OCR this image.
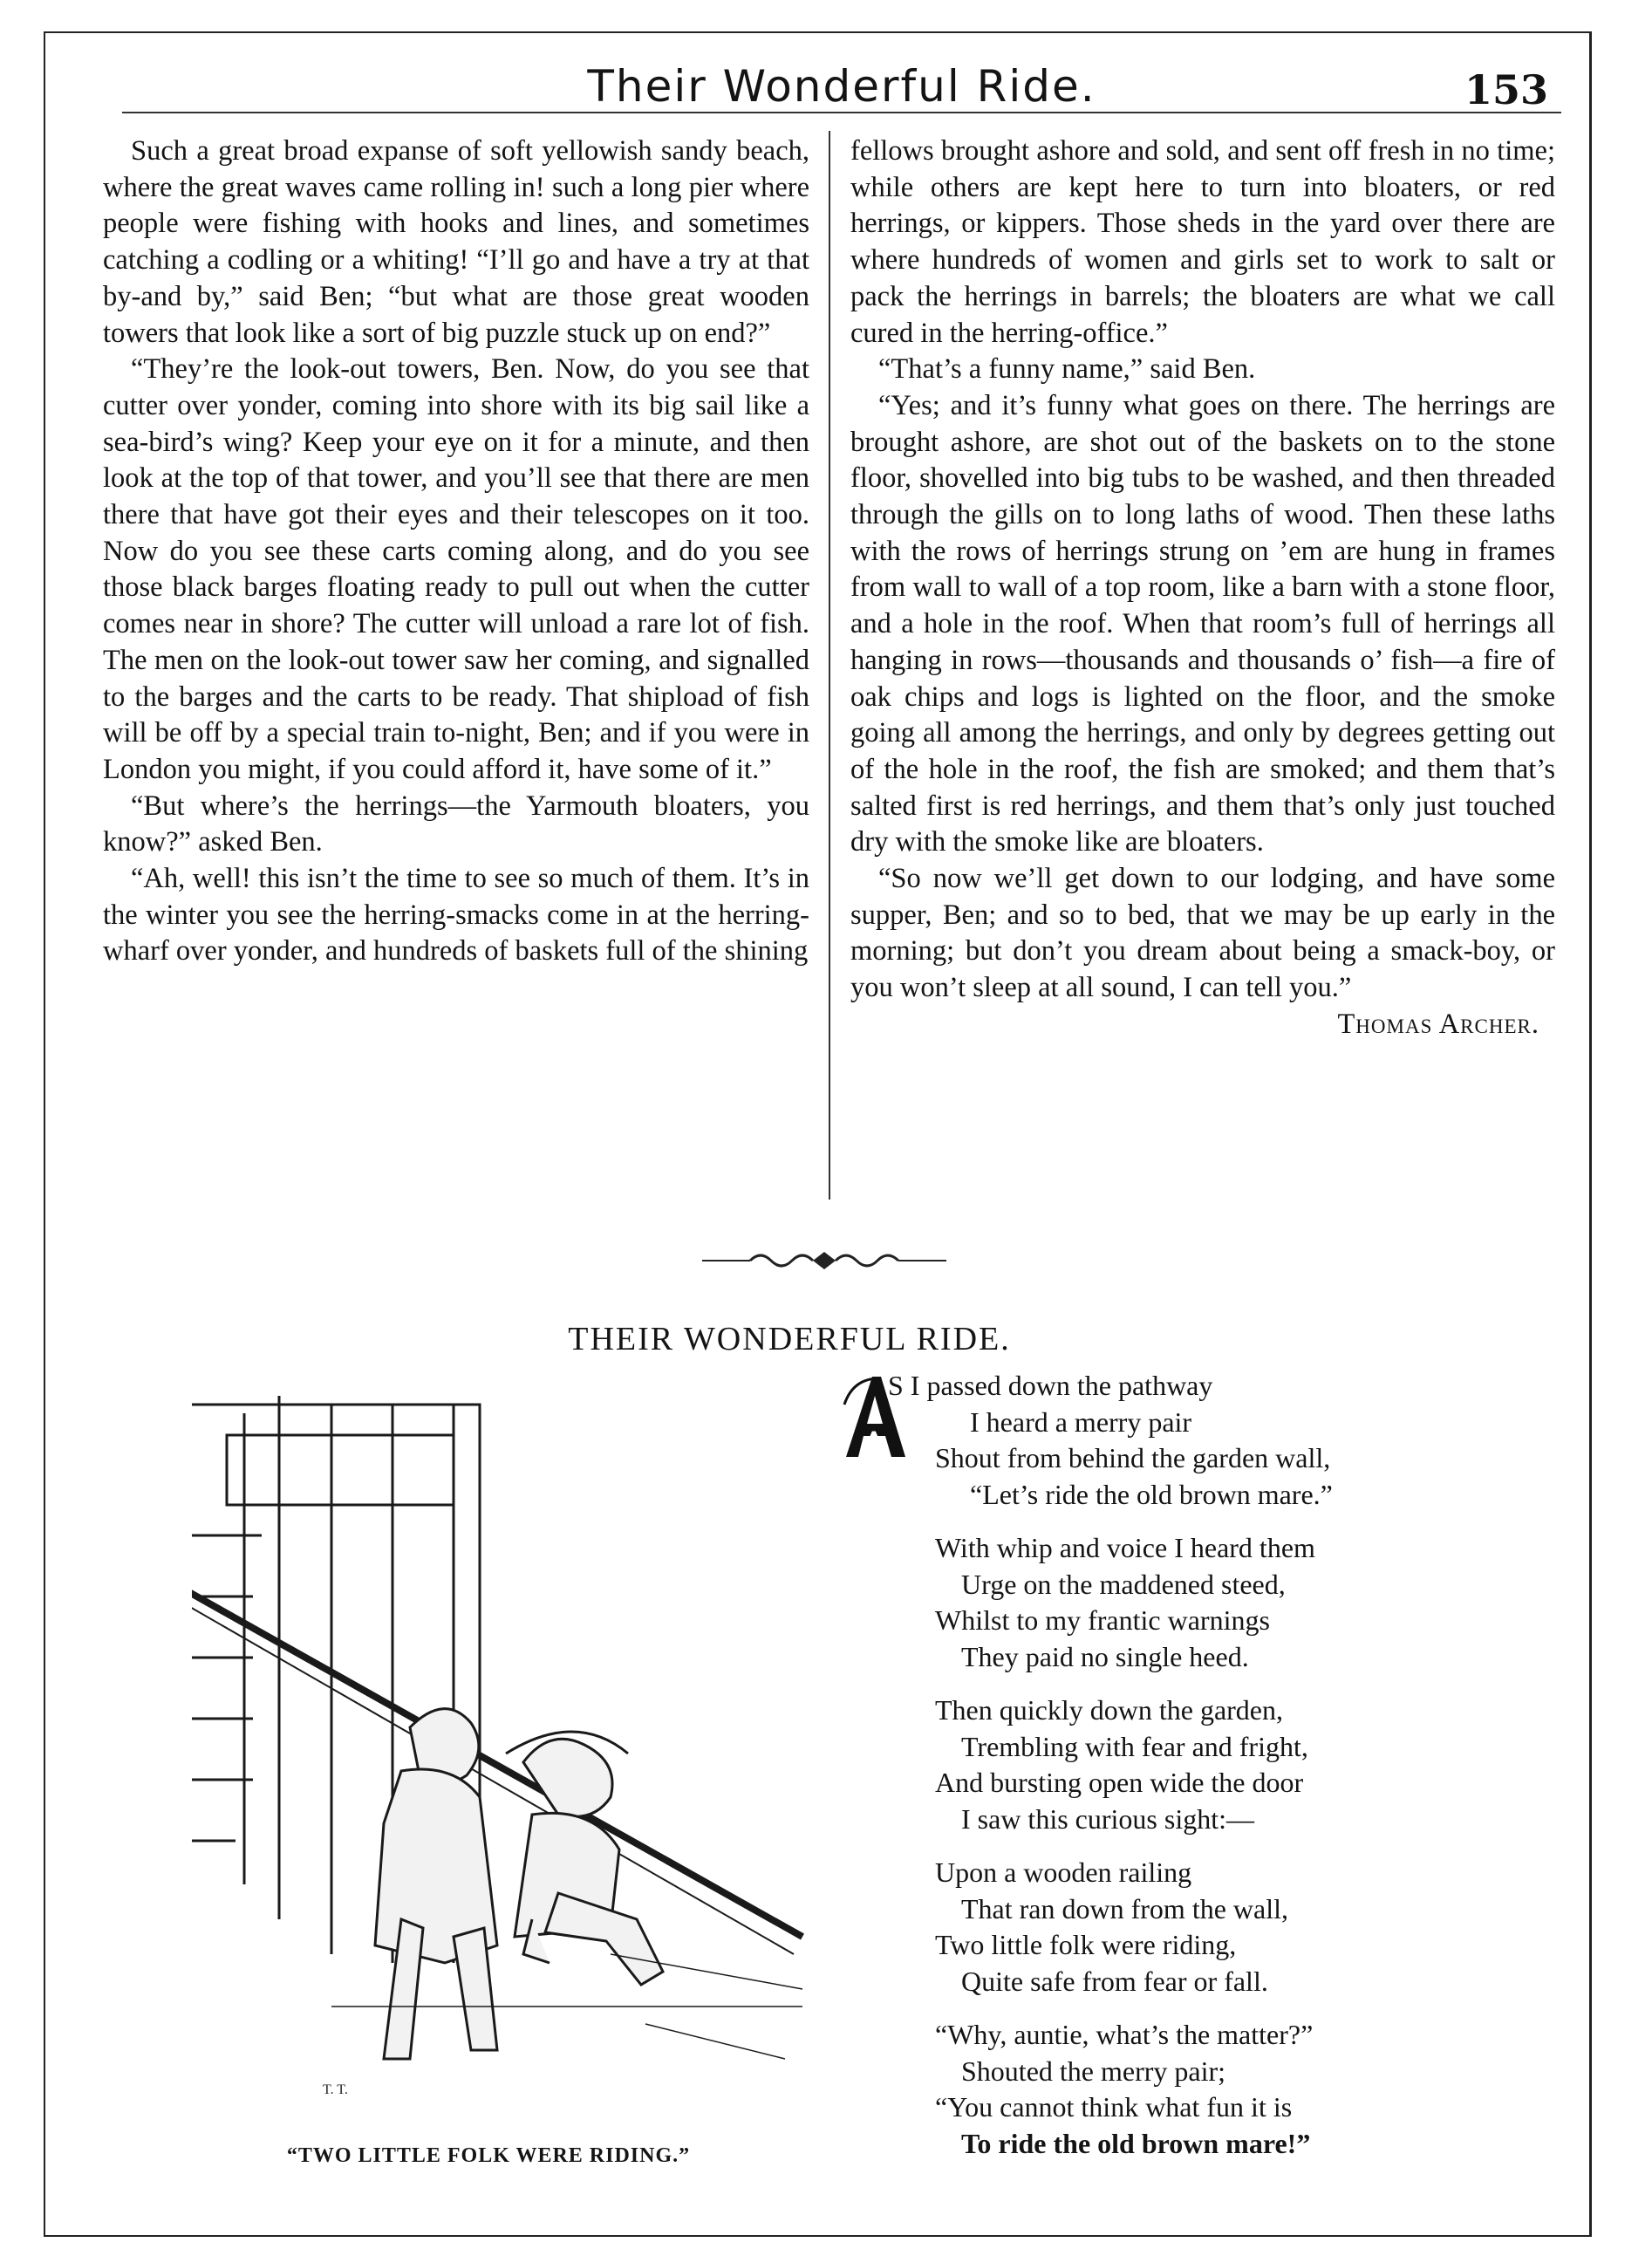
Their Wonderful Ride.	153

Such a great broad expanse of soft yellowish sandy beach, where the great waves came rolling in! such a long pier where people were fishing with hooks and lines, and sometimes catching a codling or a whiting! “I’ll go and have a try at that by-and by,” said Ben; “but what are those great wooden towers that look like a sort of big puzzle stuck up on end?”

“They’re the look-out towers, Ben. Now, do you see that cutter over yonder, coming into shore with its big sail like a sea-bird’s wing? Keep your eye on it for a minute, and then look at the top of that tower, and you’ll see that there are men there that have got their eyes and their telescopes on it too. Now do you see these carts coming along, and do you see those black barges floating ready to pull out when the cutter comes near in shore? The cutter will unload a rare lot of fish. The men on the look-out tower saw her coming, and signalled to the barges and the carts to be ready. That shipload of fish will be off by a special train to-night, Ben; and if you were in London you might, if you could afford it, have some of it.”

“But where’s the herrings—the Yarmouth bloaters, you know?” asked Ben.

“Ah, well! this isn’t the time to see so much of them. It’s in the winter you see the herring-smacks come in at the herring-wharf over yonder, and hundreds of baskets full of the shining

fellows brought ashore and sold, and sent off fresh in no time; while others are kept here to turn into bloaters, or red herrings, or kippers. Those sheds in the yard over there are where hundreds of women and girls set to work to salt or pack the herrings in barrels; the bloaters are what we call cured in the herring-office.”

“That’s a funny name,” said Ben.

“Yes; and it’s funny what goes on there. The herrings are brought ashore, are shot out of the baskets on to the stone floor, shovelled into big tubs to be washed, and then threaded through the gills on to long laths of wood. Then these laths with the rows of herrings strung on ’em are hung in frames from wall to wall of a top room, like a barn with a stone floor, and a hole in the roof. When that room’s full of herrings all hanging in rows—thousands and thousands o’ fish—a fire of oak chips and logs is lighted on the floor, and the smoke going all among the herrings, and only by degrees getting out of the hole in the roof, the fish are smoked; and them that’s salted first is red herrings, and them that’s only just touched dry with the smoke like are bloaters.

“So now we’ll get down to our lodging, and have some supper, Ben; and so to bed, that we may be up early in the morning; but don’t you dream about being a smack-boy, or you won’t sleep at all sound, I can tell you.”
Thomas Archer.

THEIR WONDERFUL RIDE.
T. T.
“TWO LITTLE FOLK WERE RIDING.”
A
S I passed down the pathway
I heard a merry pair
Shout from behind the garden wall,
“Let’s ride the old brown mare.”
With whip and voice I heard them
Urge on the maddened steed,
Whilst to my frantic warnings
They paid no single heed.
Then quickly down the garden,
Trembling with fear and fright,
And bursting open wide the door
I saw this curious sight:—
Upon a wooden railing
That ran down from the wall,
Two little folk were riding,
Quite safe from fear or fall.
“Why, auntie, what’s the matter?”
Shouted the merry pair;
“You cannot think what fun it is
To ride the old brown mare!”
